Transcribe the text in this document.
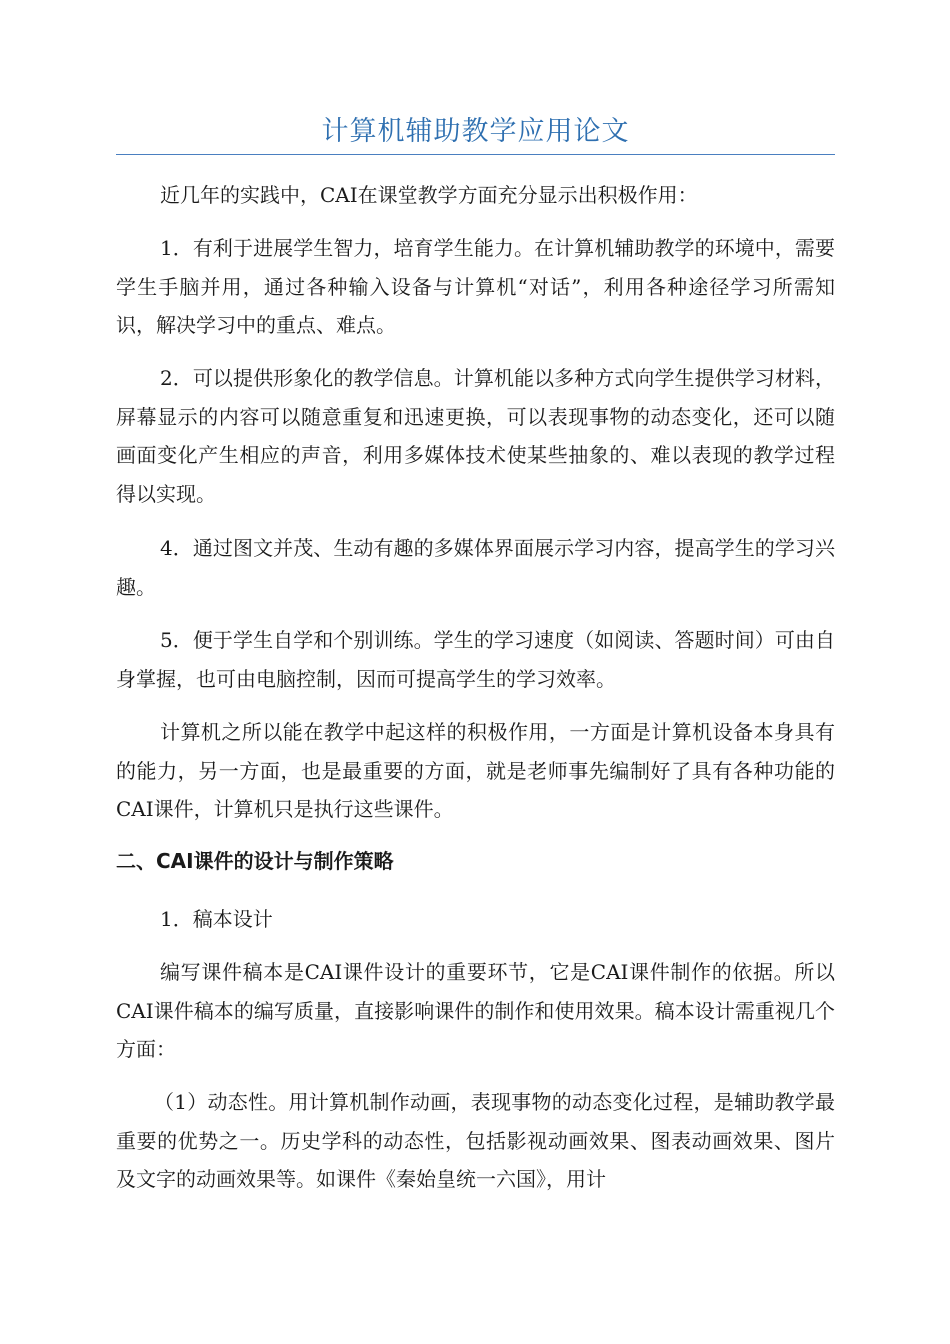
计算机辅助教学应用论文

近几年的实践中，CAI在课堂教学方面充分显示出积极作用：

1．有利于进展学生智力，培育学生能力。在计算机辅助教学的环境中，需要学生手脑并用，通过各种输入设备与计算机“对话”，利用各种途径学习所需知识，解决学习中的重点、难点。

2．可以提供形象化的教学信息。计算机能以多种方式向学生提供学习材料，屏幕显示的内容可以随意重复和迅速更换，可以表现事物的动态变化，还可以随画面变化产生相应的声音，利用多媒体技术使某些抽象的、难以表现的教学过程得以实现。

4．通过图文并茂、生动有趣的多媒体界面展示学习内容，提高学生的学习兴趣。

5．便于学生自学和个别训练。学生的学习速度（如阅读、答题时间）可由自身掌握，也可由电脑控制，因而可提高学生的学习效率。

计算机之所以能在教学中起这样的积极作用，一方面是计算机设备本身具有的能力，另一方面，也是最重要的方面，就是老师事先编制好了具有各种功能的CAI课件，计算机只是执行这些课件。

二、CAI课件的设计与制作策略

1．稿本设计

编写课件稿本是CAI课件设计的重要环节，它是CAI课件制作的依据。所以CAI课件稿本的编写质量，直接影响课件的制作和使用效果。稿本设计需重视几个方面：

（1）动态性。用计算机制作动画，表现事物的动态变化过程，是辅助教学最重要的优势之一。历史学科的动态性，包括影视动画效果、图表动画效果、图片及文字的动画效果等。如课件《秦始皇统一六国》，用计
